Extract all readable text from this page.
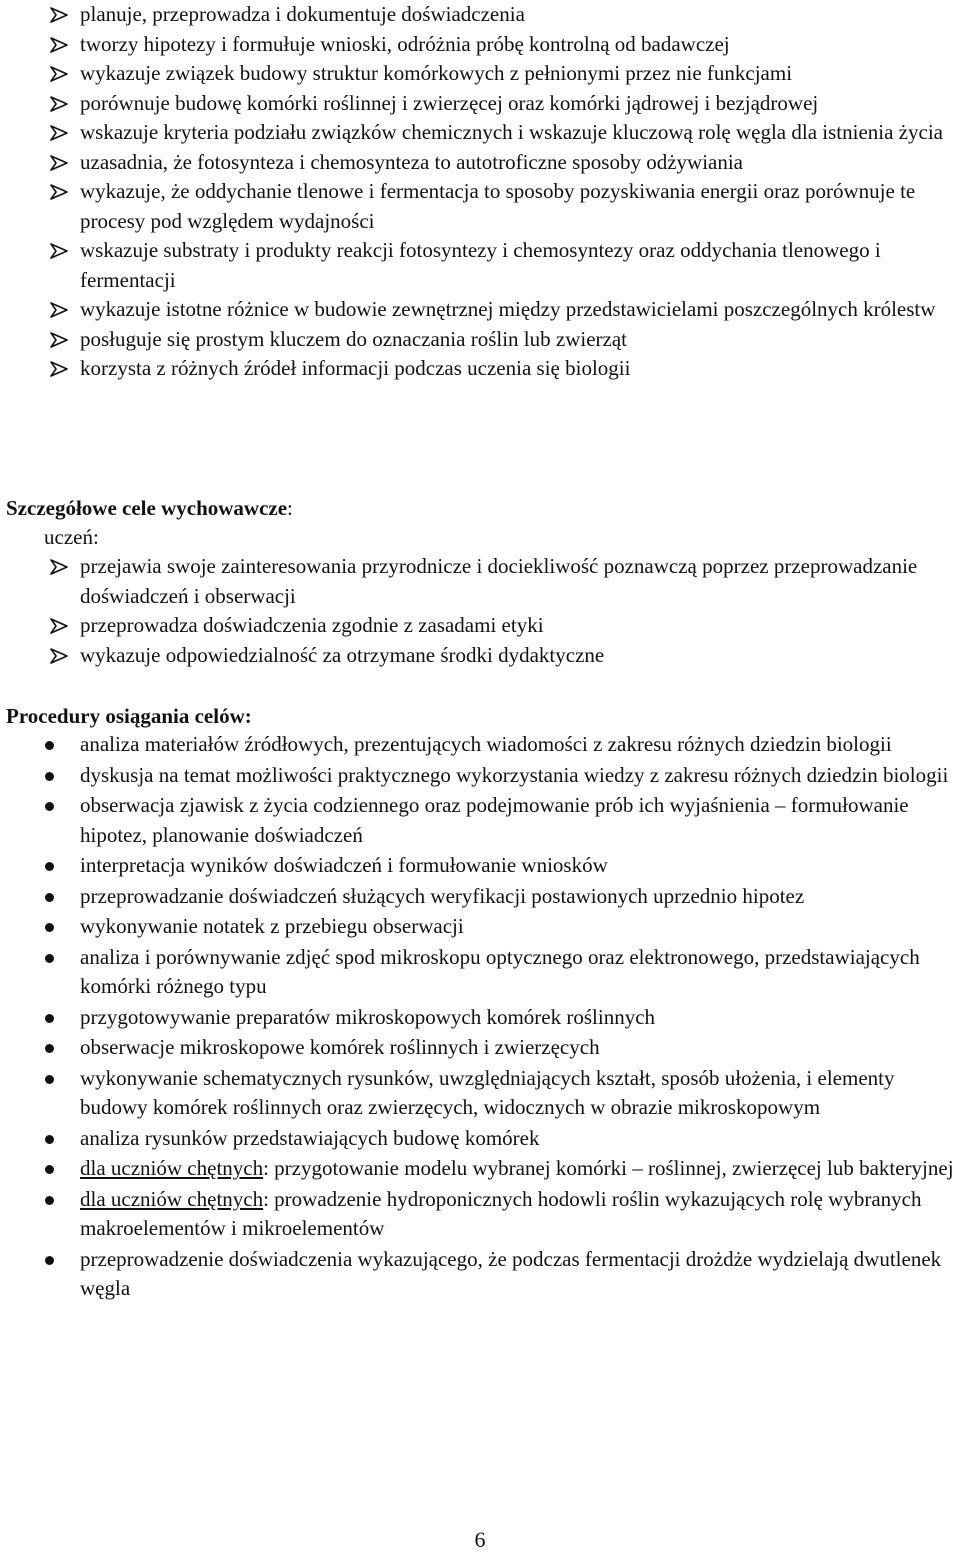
planuje, przeprowadza i dokumentuje doświadczenia
tworzy hipotezy i formułuje wnioski, odróżnia próbę kontrolną od badawczej
wykazuje związek budowy struktur komórkowych z pełnionymi przez nie funkcjami
porównuje budowę komórki roślinnej i zwierzęcej oraz komórki jądrowej i bezjądrowej
wskazuje kryteria podziału związków chemicznych i wskazuje kluczową rolę węgla dla istnienia życia
uzasadnia, że fotosynteza i chemosynteza to autotroficzne sposoby odżywiania
wykazuje, że oddychanie tlenowe i fermentacja to sposoby pozyskiwania energii oraz porównuje te procesy pod względem wydajności
wskazuje substraty i produkty reakcji fotosyntezy i chemosyntezy oraz oddychania tlenowego i fermentacji
wykazuje istotne różnice w budowie zewnętrznej między przedstawicielami poszczególnych królestw
posługuje się prostym kluczem do oznaczania roślin lub zwierząt
korzysta z różnych źródeł informacji podczas uczenia się biologii
Szczegółowe cele wychowawcze:
uczeń:
przejawia swoje zainteresowania przyrodnicze i dociekliwość poznawczą poprzez przeprowadzanie doświadczeń i obserwacji
przeprowadza doświadczenia zgodnie z zasadami etyki
wykazuje odpowiedzialność za otrzymane środki dydaktyczne
Procedury osiągania celów:
analiza materiałów źródłowych, prezentujących wiadomości z zakresu różnych dziedzin biologii
dyskusja na temat możliwości praktycznego wykorzystania wiedzy z zakresu różnych dziedzin biologii
obserwacja zjawisk z życia codziennego oraz podejmowanie prób ich wyjaśnienia – formułowanie hipotez, planowanie doświadczeń
interpretacja wyników doświadczeń i formułowanie wniosków
przeprowadzanie doświadczeń służących weryfikacji postawionych uprzednio hipotez
wykonywanie notatek z przebiegu obserwacji
analiza i porównywanie zdjęć spod mikroskopu optycznego oraz elektronowego, przedstawiających komórki różnego typu
przygotowywanie preparatów mikroskopowych komórek roślinnych
obserwacje mikroskopowe komórek roślinnych i zwierzęcych
wykonywanie schematycznych rysunków, uwzględniających kształt, sposób ułożenia, i elementy budowy komórek roślinnych oraz zwierzęcych, widocznych w obrazie mikroskopowym
analiza rysunków przedstawiających budowę komórek
dla uczniów chętnych: przygotowanie modelu wybranej komórki – roślinnej, zwierzęcej lub bakteryjnej
dla uczniów chętnych: prowadzenie hydroponicznych hodowli roślin wykazujących rolę wybranych makroelementów i mikroelementów
przeprowadzenie doświadczenia wykazującego, że podczas fermentacji drożdże wydzielają dwutlenek węgla
6
